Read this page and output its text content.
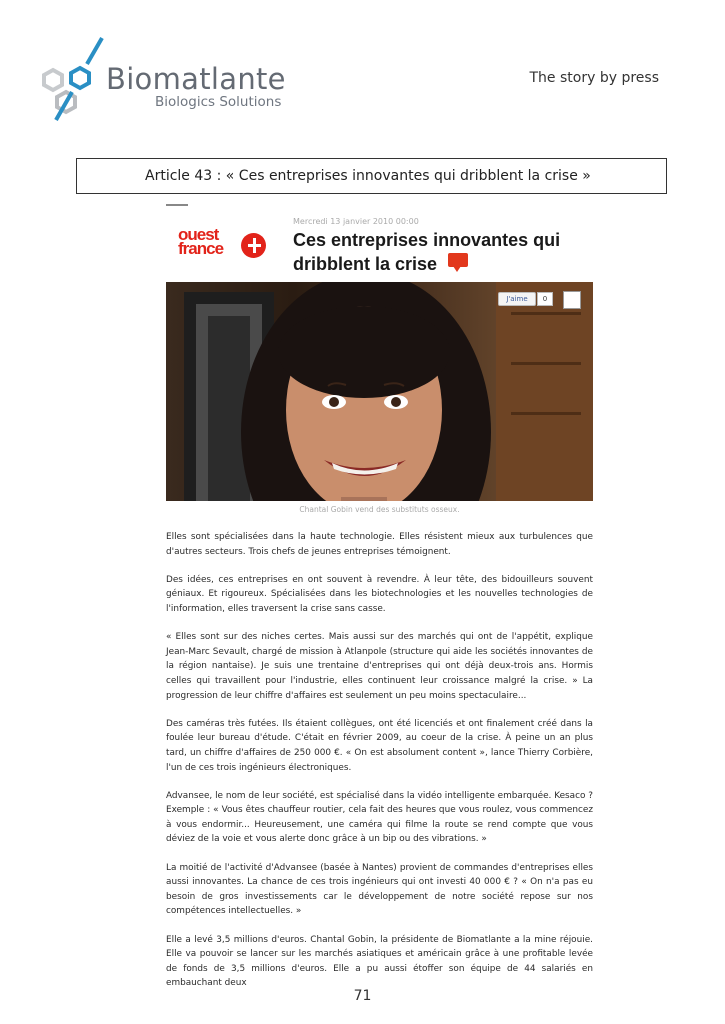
Biomatlante

Biologics Solutions

The story by press
Article 43 : « Ces entreprises innovantes qui dribblent la crise »
ouest
france
Mercredi 13 janvier 2010 00:00
Ces entreprises innovantes qui dribblent la crise
J'aime	0
Chantal Gobin vend des substituts osseux.

Elles sont spécialisées dans la haute technologie. Elles résistent mieux aux turbulences que d'autres secteurs. Trois chefs de jeunes entreprises témoignent.

Des idées, ces entreprises en ont souvent à revendre. À leur tête, des bidouilleurs souvent géniaux. Et rigoureux. Spécialisées dans les biotechnologies et les nouvelles technologies de l'information, elles traversent la crise sans casse.

« Elles sont sur des niches certes. Mais aussi sur des marchés qui ont de l'appétit, explique Jean-Marc Sevault, chargé de mission à Atlanpole (structure qui aide les sociétés innovantes de la région nantaise). Je suis une trentaine d'entreprises qui ont déjà deux-trois ans. Hormis celles qui travaillent pour l'industrie, elles continuent leur croissance malgré la crise. » La progression de leur chiffre d'affaires est seulement un peu moins spectaculaire...

Des caméras très futées. Ils étaient collègues, ont été licenciés et ont finalement créé dans la foulée leur bureau d'étude. C'était en février 2009, au coeur de la crise. À peine un an plus tard, un chiffre d'affaires de 250 000 €. « On est absolument content », lance Thierry Corbière, l'un de ces trois ingénieurs électroniques.

Advansee, le nom de leur société, est spécialisé dans la vidéo intelligente embarquée. Kesaco ? Exemple : « Vous êtes chauffeur routier, cela fait des heures que vous roulez, vous commencez à vous endormir... Heureusement, une caméra qui filme la route se rend compte que vous déviez de la voie et vous alerte donc grâce à un bip ou des vibrations. »

La moitié de l'activité d'Advansee (basée à Nantes) provient de commandes d'entreprises elles aussi innovantes. La chance de ces trois ingénieurs qui ont investi 40 000 € ? « On n'a pas eu besoin de gros investissements car le développement de notre société repose sur nos compétences intellectuelles. »

Elle a levé 3,5 millions d'euros. Chantal Gobin, la présidente de Biomatlante a la mine réjouie. Elle va pouvoir se lancer sur les marchés asiatiques et américain grâce à une profitable levée de fonds de 3,5 millions d'euros. Elle a pu aussi étoffer son équipe de 44 salariés en embauchant deux

71
